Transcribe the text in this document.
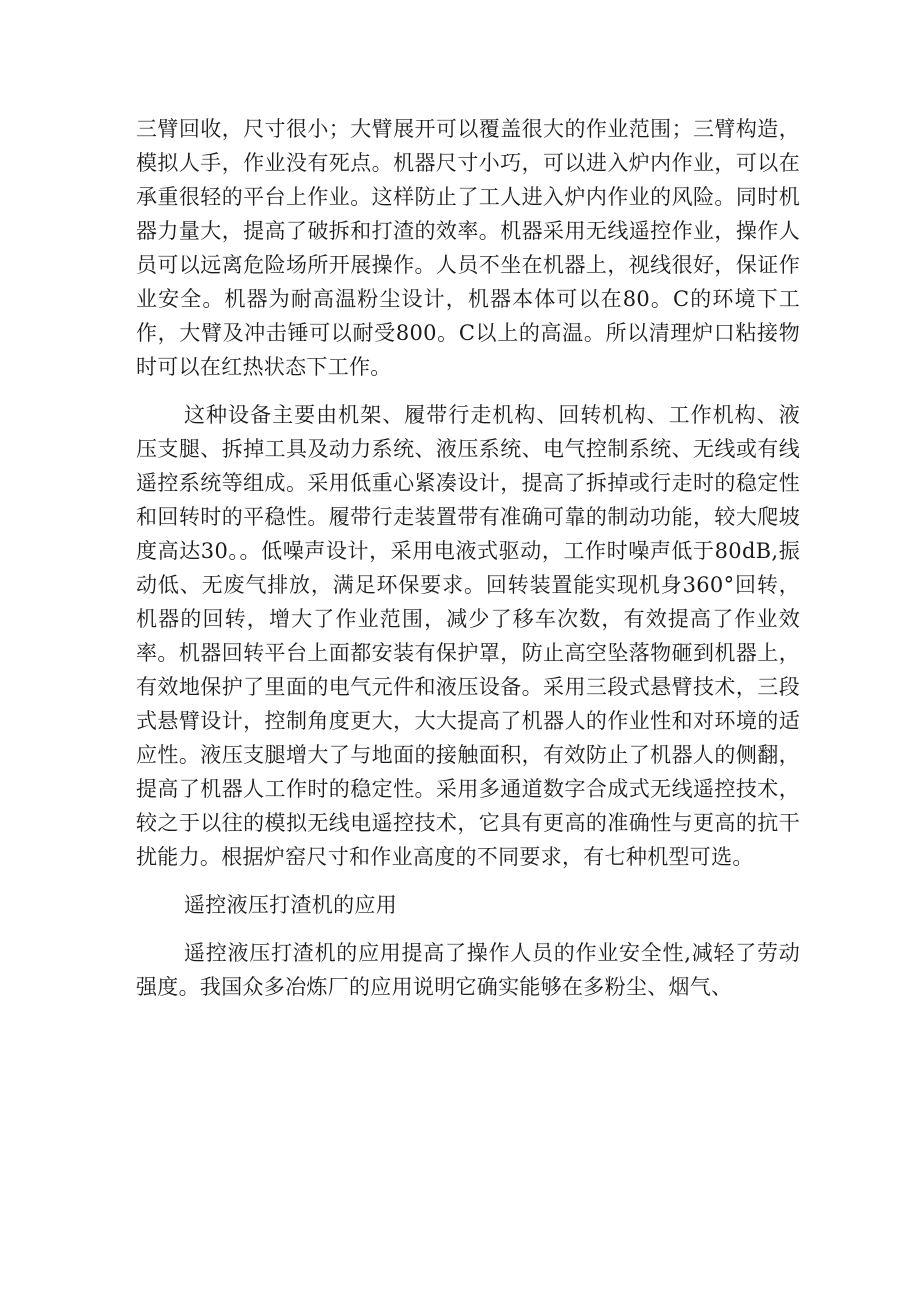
三臂回收，尺寸很小；大臂展开可以覆盖很大的作业范围；三臂构造，模拟人手，作业没有死点。机器尺寸小巧，可以进入炉内作业，可以在承重很轻的平台上作业。这样防止了工人进入炉内作业的风险。同时机器力量大，提高了破拆和打渣的效率。机器采用无线遥控作业，操作人员可以远离危险场所开展操作。人员不坐在机器上，视线很好，保证作业安全。机器为耐高温粉尘设计，机器本体可以在80。C的环境下工作，大臂及冲击锤可以耐受800。C以上的高温。所以清理炉口粘接物时可以在红热状态下工作。

这种设备主要由机架、履带行走机构、回转机构、工作机构、液压支腿、拆掉工具及动力系统、液压系统、电气控制系统、无线或有线遥控系统等组成。采用低重心紧凑设计，提高了拆掉或行走时的稳定性和回转时的平稳性。履带行走装置带有准确可靠的制动功能，较大爬坡度高达30。。低噪声设计，采用电液式驱动，工作时噪声低于80dB,振动低、无废气排放，满足环保要求。回转装置能实现机身360°回转，机器的回转，增大了作业范围，减少了移车次数，有效提高了作业效率。机器回转平台上面都安装有保护罩，防止高空坠落物砸到机器上，有效地保护了里面的电气元件和液压设备。采用三段式悬臂技术，三段式悬臂设计，控制角度更大，大大提高了机器人的作业性和对环境的适应性。液压支腿增大了与地面的接触面积，有效防止了机器人的侧翻，提高了机器人工作时的稳定性。采用多通道数字合成式无线遥控技术，较之于以往的模拟无线电遥控技术，它具有更高的准确性与更高的抗干扰能力。根据炉窑尺寸和作业高度的不同要求，有七种机型可选。

遥控液压打渣机的应用

遥控液压打渣机的应用提高了操作人员的作业安全性,减轻了劳动强度。我国众多冶炼厂的应用说明它确实能够在多粉尘、烟气、
